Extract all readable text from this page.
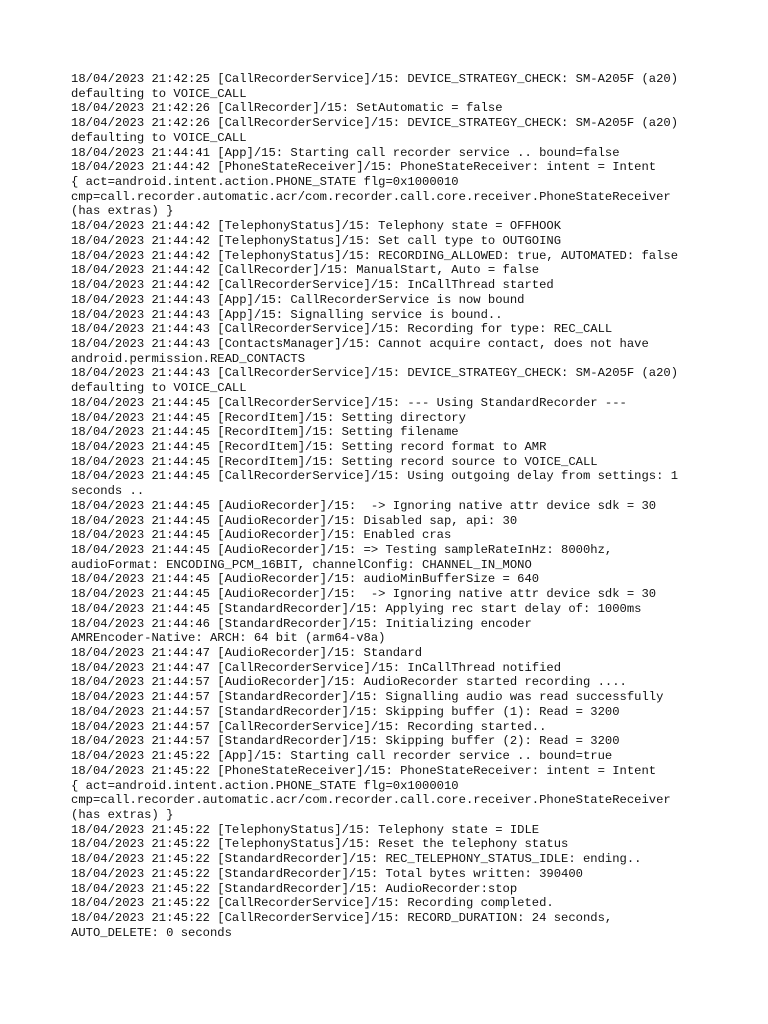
18/04/2023 21:42:25 [CallRecorderService]/15: DEVICE_STRATEGY_CHECK: SM-A205F (a20)
defaulting to VOICE_CALL
18/04/2023 21:42:26 [CallRecorder]/15: SetAutomatic = false
18/04/2023 21:42:26 [CallRecorderService]/15: DEVICE_STRATEGY_CHECK: SM-A205F (a20)
defaulting to VOICE_CALL
18/04/2023 21:44:41 [App]/15: Starting call recorder service .. bound=false
18/04/2023 21:44:42 [PhoneStateReceiver]/15: PhoneStateReceiver: intent = Intent
{ act=android.intent.action.PHONE_STATE flg=0x1000010
cmp=call.recorder.automatic.acr/com.recorder.call.core.receiver.PhoneStateReceiver
(has extras) }
18/04/2023 21:44:42 [TelephonyStatus]/15: Telephony state = OFFHOOK
18/04/2023 21:44:42 [TelephonyStatus]/15: Set call type to OUTGOING
18/04/2023 21:44:42 [TelephonyStatus]/15: RECORDING_ALLOWED: true, AUTOMATED: false
18/04/2023 21:44:42 [CallRecorder]/15: ManualStart, Auto = false
18/04/2023 21:44:42 [CallRecorderService]/15: InCallThread started
18/04/2023 21:44:43 [App]/15: CallRecorderService is now bound
18/04/2023 21:44:43 [App]/15: Signalling service is bound..
18/04/2023 21:44:43 [CallRecorderService]/15: Recording for type: REC_CALL
18/04/2023 21:44:43 [ContactsManager]/15: Cannot acquire contact, does not have
android.permission.READ_CONTACTS
18/04/2023 21:44:43 [CallRecorderService]/15: DEVICE_STRATEGY_CHECK: SM-A205F (a20)
defaulting to VOICE_CALL
18/04/2023 21:44:45 [CallRecorderService]/15: --- Using StandardRecorder ---
18/04/2023 21:44:45 [RecordItem]/15: Setting directory
18/04/2023 21:44:45 [RecordItem]/15: Setting filename
18/04/2023 21:44:45 [RecordItem]/15: Setting record format to AMR
18/04/2023 21:44:45 [RecordItem]/15: Setting record source to VOICE_CALL
18/04/2023 21:44:45 [CallRecorderService]/15: Using outgoing delay from settings: 1
seconds ..
18/04/2023 21:44:45 [AudioRecorder]/15:  -> Ignoring native attr device sdk = 30
18/04/2023 21:44:45 [AudioRecorder]/15: Disabled sap, api: 30
18/04/2023 21:44:45 [AudioRecorder]/15: Enabled cras
18/04/2023 21:44:45 [AudioRecorder]/15: => Testing sampleRateInHz: 8000hz,
audioFormat: ENCODING_PCM_16BIT, channelConfig: CHANNEL_IN_MONO
18/04/2023 21:44:45 [AudioRecorder]/15: audioMinBufferSize = 640
18/04/2023 21:44:45 [AudioRecorder]/15:  -> Ignoring native attr device sdk = 30
18/04/2023 21:44:45 [StandardRecorder]/15: Applying rec start delay of: 1000ms
18/04/2023 21:44:46 [StandardRecorder]/15: Initializing encoder
AMREncoder-Native: ARCH: 64 bit (arm64-v8a)
18/04/2023 21:44:47 [AudioRecorder]/15: Standard
18/04/2023 21:44:47 [CallRecorderService]/15: InCallThread notified
18/04/2023 21:44:57 [AudioRecorder]/15: AudioRecorder started recording ....
18/04/2023 21:44:57 [StandardRecorder]/15: Signalling audio was read successfully
18/04/2023 21:44:57 [StandardRecorder]/15: Skipping buffer (1): Read = 3200
18/04/2023 21:44:57 [CallRecorderService]/15: Recording started..
18/04/2023 21:44:57 [StandardRecorder]/15: Skipping buffer (2): Read = 3200
18/04/2023 21:45:22 [App]/15: Starting call recorder service .. bound=true
18/04/2023 21:45:22 [PhoneStateReceiver]/15: PhoneStateReceiver: intent = Intent
{ act=android.intent.action.PHONE_STATE flg=0x1000010
cmp=call.recorder.automatic.acr/com.recorder.call.core.receiver.PhoneStateReceiver
(has extras) }
18/04/2023 21:45:22 [TelephonyStatus]/15: Telephony state = IDLE
18/04/2023 21:45:22 [TelephonyStatus]/15: Reset the telephony status
18/04/2023 21:45:22 [StandardRecorder]/15: REC_TELEPHONY_STATUS_IDLE: ending..
18/04/2023 21:45:22 [StandardRecorder]/15: Total bytes written: 390400
18/04/2023 21:45:22 [StandardRecorder]/15: AudioRecorder:stop
18/04/2023 21:45:22 [CallRecorderService]/15: Recording completed.
18/04/2023 21:45:22 [CallRecorderService]/15: RECORD_DURATION: 24 seconds,
AUTO_DELETE: 0 seconds
